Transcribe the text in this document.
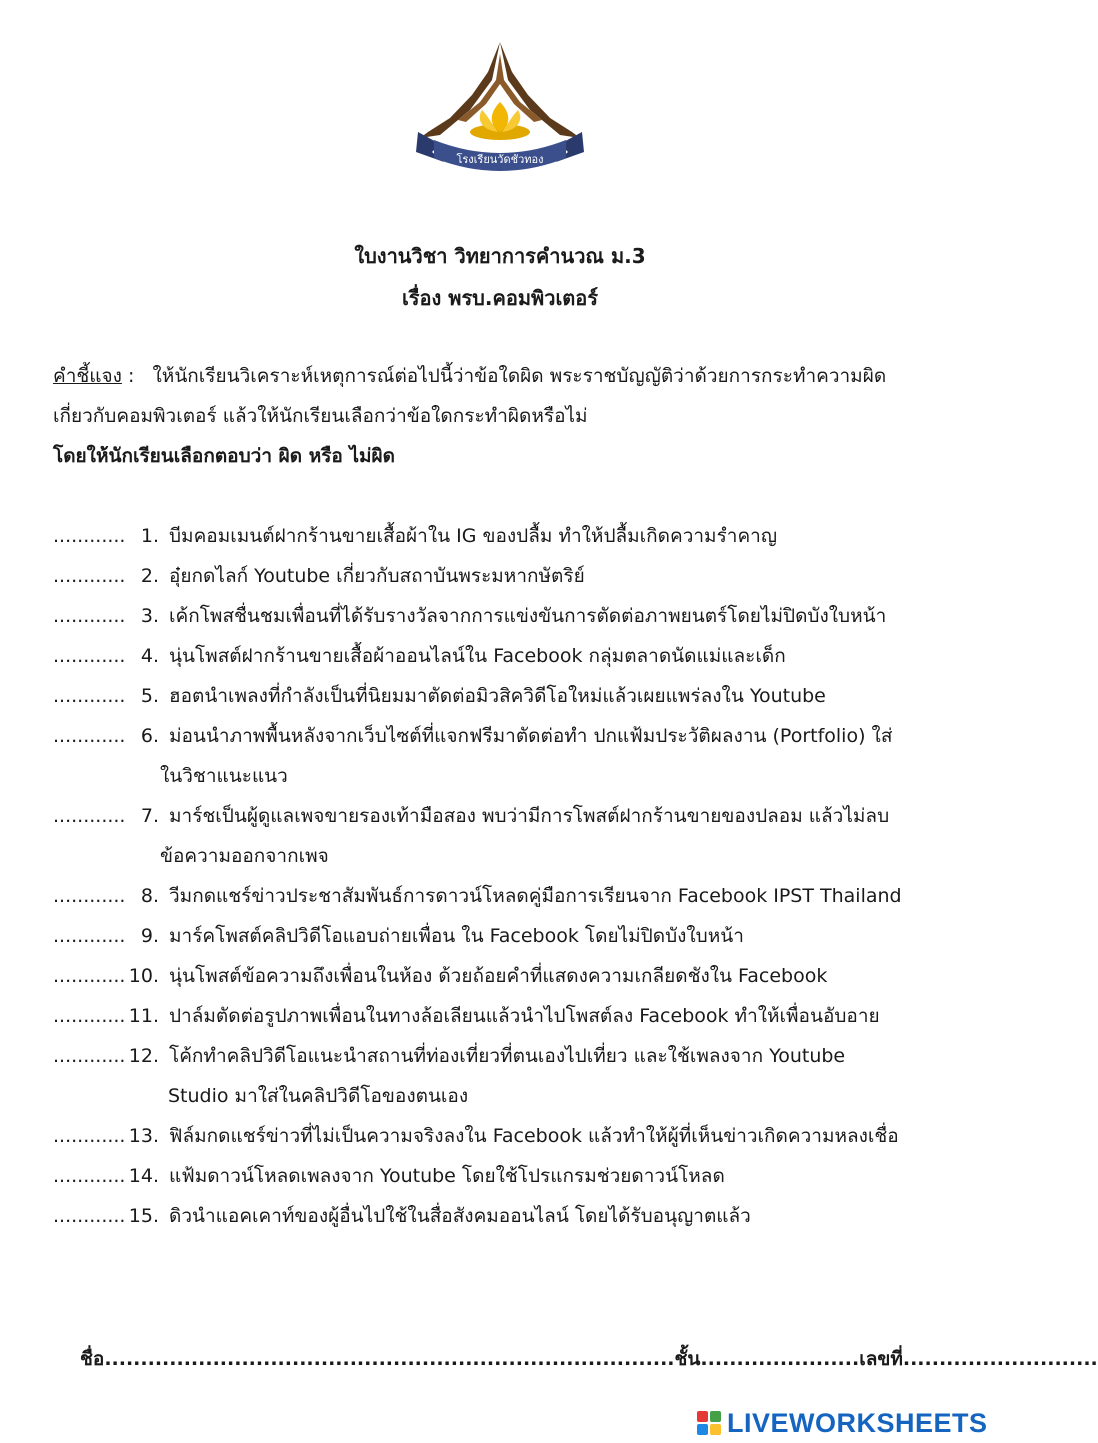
โรงเรียนวัดชัวทอง
ใบงานวิชา วิทยาการคำนวณ ม.3
เรื่อง พรบ.คอมพิวเตอร์
คำชี้แจง :   ให้นักเรียนวิเคราะห์เหตุการณ์ต่อไปนี้ว่าข้อใดผิด พระราชบัญญัติว่าด้วยการกระทำความผิด
เกี่ยวกับคอมพิวเตอร์ แล้วให้นักเรียนเลือกว่าข้อใดกระทำผิดหรือไม่
โดยให้นักเรียนเลือกตอบว่า ผิด หรือ ไม่ผิด
............ 1. บีมคอมเมนต์ฝากร้านขายเสื้อผ้าใน IG ของปลื้ม ทำให้ปลื้มเกิดความรำคาญ
............ 2. อุ๋ยกดไลก์ Youtube เกี่ยวกับสถาบันพระมหากษัตริย์
............ 3. เค้กโพสชื่นชมเพื่อนที่ได้รับรางวัลจากการแข่งขันการตัดต่อภาพยนตร์โดยไม่ปิดบังใบหน้า
............ 4. นุ่นโพสต์ฝากร้านขายเสื้อผ้าออนไลน์ใน Facebook กลุ่มตลาดนัดแม่และเด็ก
............ 5. ฮอตนำเพลงที่กำลังเป็นที่นิยมมาตัดต่อมิวสิควิดีโอใหม่แล้วเผยแพร่ลงใน Youtube
............ 6. ม่อนนำภาพพื้นหลังจากเว็บไซต์ที่แจกฟรีมาตัดต่อทำ ปกแฟ้มประวัติผลงาน (Portfolio) ใส่
ในวิชาแนะแนว
............ 7. มาร์ชเป็นผู้ดูแลเพจขายรองเท้ามือสอง พบว่ามีการโพสต์ฝากร้านขายของปลอม แล้วไม่ลบ
ข้อความออกจากเพจ
............ 8. วีมกดแชร์ข่าวประชาสัมพันธ์การดาวน์โหลดคู่มือการเรียนจาก Facebook IPST Thailand
............ 9. มาร์คโพสต์คลิปวิดีโอแอบถ่ายเพื่อน ใน Facebook โดยไม่ปิดบังใบหน้า
............ 10. นุ่นโพสต์ข้อความถึงเพื่อนในห้อง ด้วยถ้อยคำที่แสดงความเกลียดชังใน Facebook
............ 11. ปาล์มตัดต่อรูปภาพเพื่อนในทางล้อเลียนแล้วนำไปโพสต์ลง Facebook ทำให้เพื่อนอับอาย
............ 12. โค้กทำคลิปวิดีโอแนะนำสถานที่ท่องเที่ยวที่ตนเองไปเที่ยว และใช้เพลงจาก Youtube
Studio มาใส่ในคลิปวิดีโอของตนเอง
............ 13. ฟิล์มกดแชร์ข่าวที่ไม่เป็นความจริงลงใน Facebook แล้วทำให้ผู้ที่เห็นข่าวเกิดความหลงเชื่อ
............ 14. แฟ้มดาวน์โหลดเพลงจาก Youtube โดยใช้โปรแกรมช่วยดาวน์โหลด
............ 15. ดิวนำแอคเคาท์ของผู้อื่นไปใช้ในสื่อสังคมออนไลน์ โดยได้รับอนุญาตแล้ว
ชื่อ...............................................................................ชั้น......................เลขที่...........................
LIVEWORKSHEETS
